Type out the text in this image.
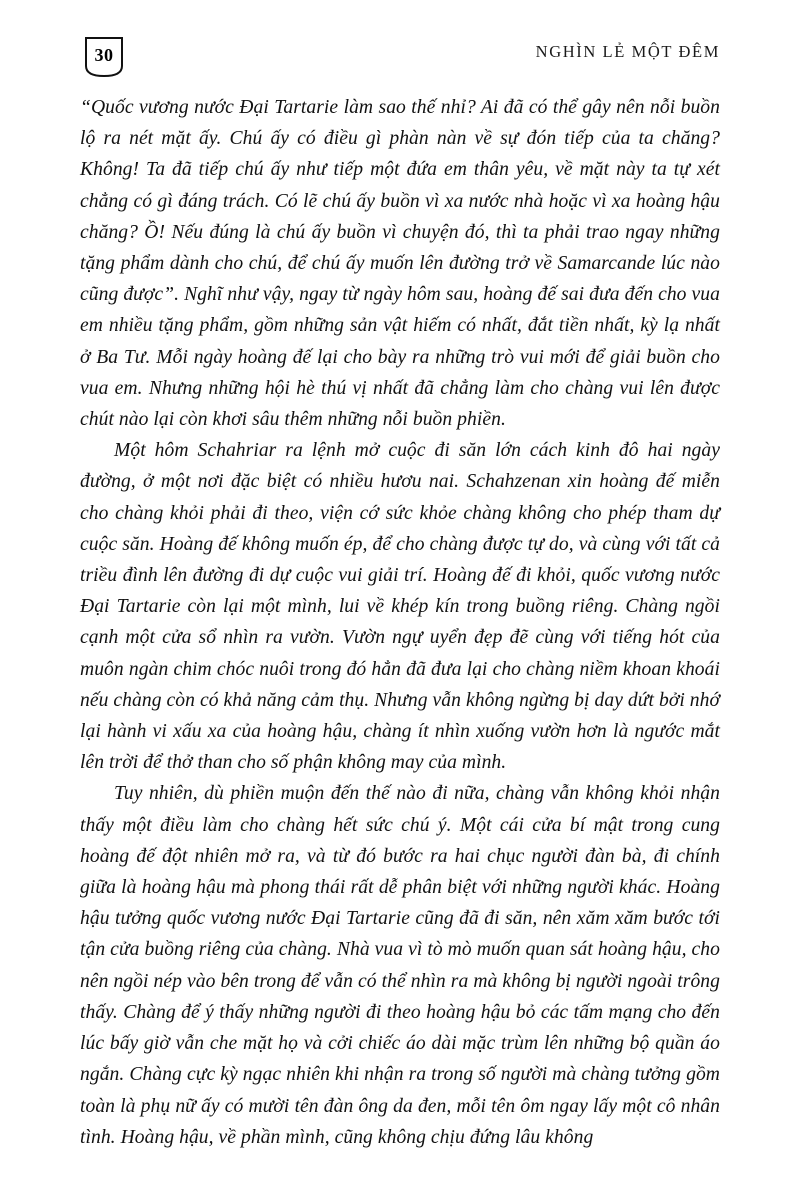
30	NGHÌN LẺ MỘT ĐÊM

“Quốc vương nước Đại Tartarie làm sao thế nhỉ? Ai đã có thể gây nên nỗi buồn lộ ra nét mặt ấy. Chú ấy có điều gì phàn nàn về sự đón tiếp của ta chăng? Không! Ta đã tiếp chú ấy như tiếp một đứa em thân yêu, về mặt này ta tự xét chẳng có gì đáng trách. Có lẽ chú ấy buồn vì xa nước nhà hoặc vì xa hoàng hậu chăng? Ồ! Nếu đúng là chú ấy buồn vì chuyện đó, thì ta phải trao ngay những tặng phẩm dành cho chú, để chú ấy muốn lên đường trở về Samarcande lúc nào cũng được”. Nghĩ như vậy, ngay từ ngày hôm sau, hoàng đế sai đưa đến cho vua em nhiều tặng phẩm, gồm những sản vật hiếm có nhất, đắt tiền nhất, kỳ lạ nhất ở Ba Tư. Mỗi ngày hoàng đế lại cho bày ra những trò vui mới để giải buồn cho vua em. Nhưng những hội hè thú vị nhất đã chẳng làm cho chàng vui lên được chút nào lại còn khơi sâu thêm những nỗi buồn phiền.

Một hôm Schahriar ra lệnh mở cuộc đi săn lớn cách kinh đô hai ngày đường, ở một nơi đặc biệt có nhiều hươu nai. Schahzenan xin hoàng đế miễn cho chàng khỏi phải đi theo, viện cớ sức khỏe chàng không cho phép tham dự cuộc săn. Hoàng đế không muốn ép, để cho chàng được tự do, và cùng với tất cả triều đình lên đường đi dự cuộc vui giải trí. Hoàng đế đi khỏi, quốc vương nước Đại Tartarie còn lại một mình, lui về khép kín trong buồng riêng. Chàng ngồi cạnh một cửa sổ nhìn ra vườn. Vườn ngự uyển đẹp đẽ cùng với tiếng hót của muôn ngàn chim chóc nuôi trong đó hẳn đã đưa lại cho chàng niềm khoan khoái nếu chàng còn có khả năng cảm thụ. Nhưng vẫn không ngừng bị day dứt bởi nhớ lại hành vi xấu xa của hoàng hậu, chàng ít nhìn xuống vườn hơn là ngước mắt lên trời để thở than cho số phận không may của mình.

Tuy nhiên, dù phiền muộn đến thế nào đi nữa, chàng vẫn không khỏi nhận thấy một điều làm cho chàng hết sức chú ý. Một cái cửa bí mật trong cung hoàng đế đột nhiên mở ra, và từ đó bước ra hai chục người đàn bà, đi chính giữa là hoàng hậu mà phong thái rất dễ phân biệt với những người khác. Hoàng hậu tưởng quốc vương nước Đại Tartarie cũng đã đi săn, nên xăm xăm bước tới tận cửa buồng riêng của chàng. Nhà vua vì tò mò muốn quan sát hoàng hậu, cho nên ngồi nép vào bên trong để vẫn có thể nhìn ra mà không bị người ngoài trông thấy. Chàng để ý thấy những người đi theo hoàng hậu bỏ các tấm mạng cho đến lúc bấy giờ vẫn che mặt họ và cởi chiếc áo dài mặc trùm lên những bộ quần áo ngắn. Chàng cực kỳ ngạc nhiên khi nhận ra trong số người mà chàng tưởng gồm toàn là phụ nữ ấy có mười tên đàn ông da đen, mỗi tên ôm ngay lấy một cô nhân tình. Hoàng hậu, về phần mình, cũng không chịu đứng lâu không
